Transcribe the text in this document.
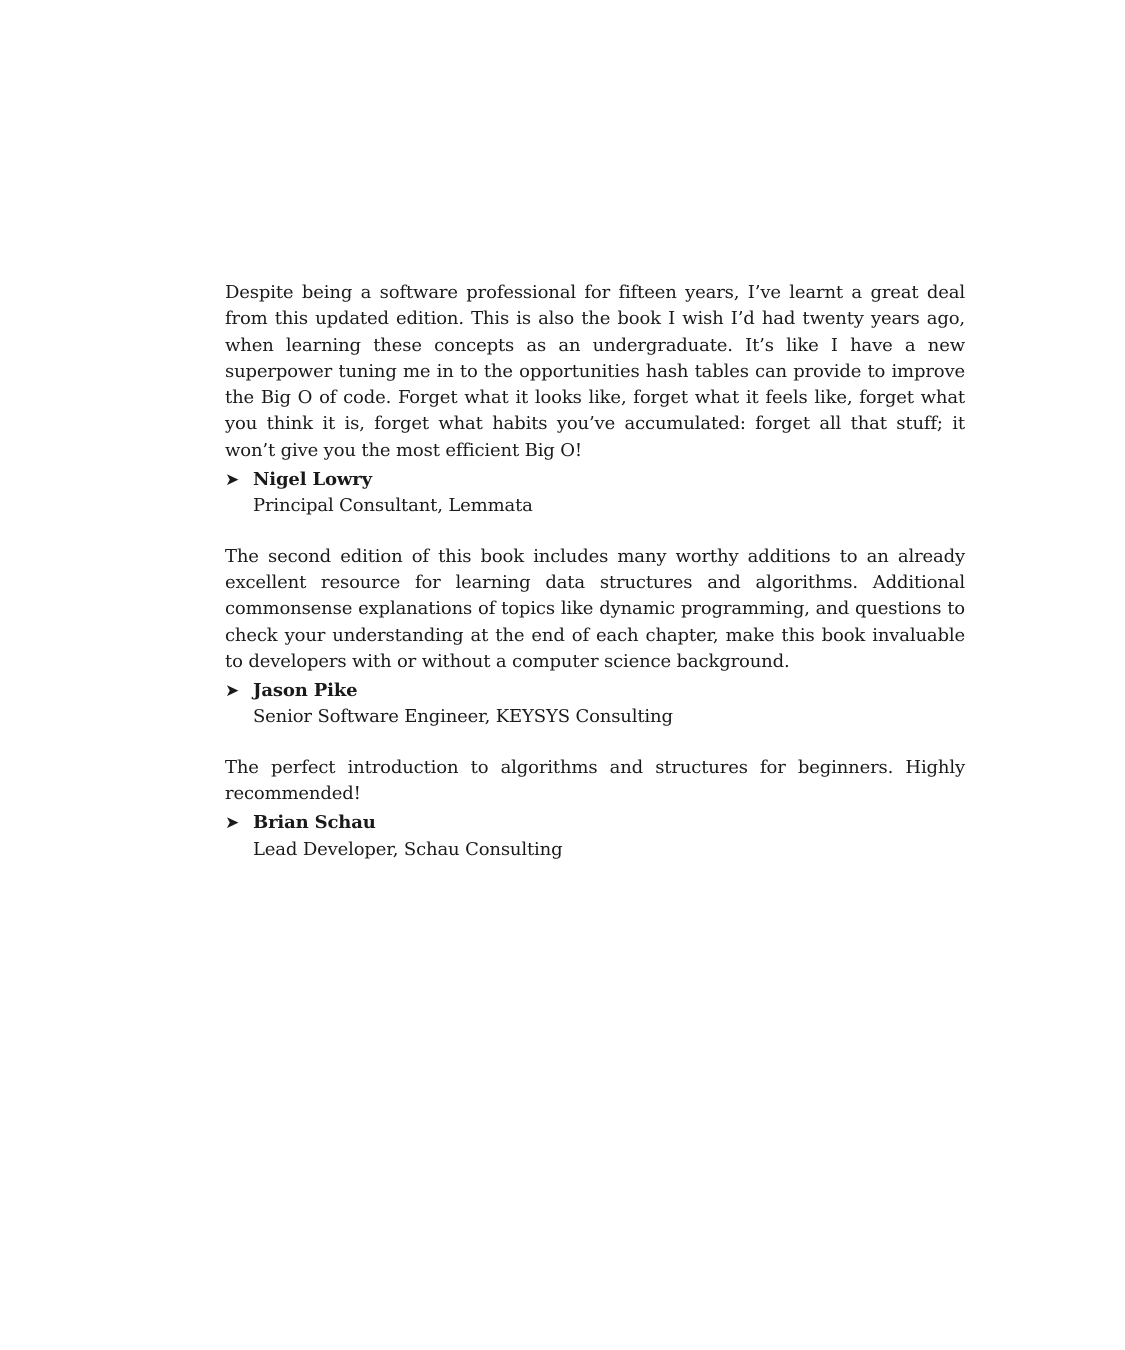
Despite being a software professional for fifteen years, I’ve learnt a great deal from this updated edition. This is also the book I wish I’d had twenty years ago, when learning these concepts as an undergraduate. It’s like I have a new superpower tuning me in to the opportunities hash tables can provide to improve the Big O of code. Forget what it looks like, forget what it feels like, forget what you think it is, forget what habits you’ve accumulated: forget all that stuff; it won’t give you the most efficient Big O!

➤ Nigel Lowry
Principal Consultant, Lemmata

The second edition of this book includes many worthy additions to an already excellent resource for learning data structures and algorithms. Additional commonsense explanations of topics like dynamic programming, and questions to check your understanding at the end of each chapter, make this book invaluable to developers with or without a computer science background.

➤ Jason Pike
Senior Software Engineer, KEYSYS Consulting

The perfect introduction to algorithms and structures for beginners. Highly recommended!

➤ Brian Schau
Lead Developer, Schau Consulting
